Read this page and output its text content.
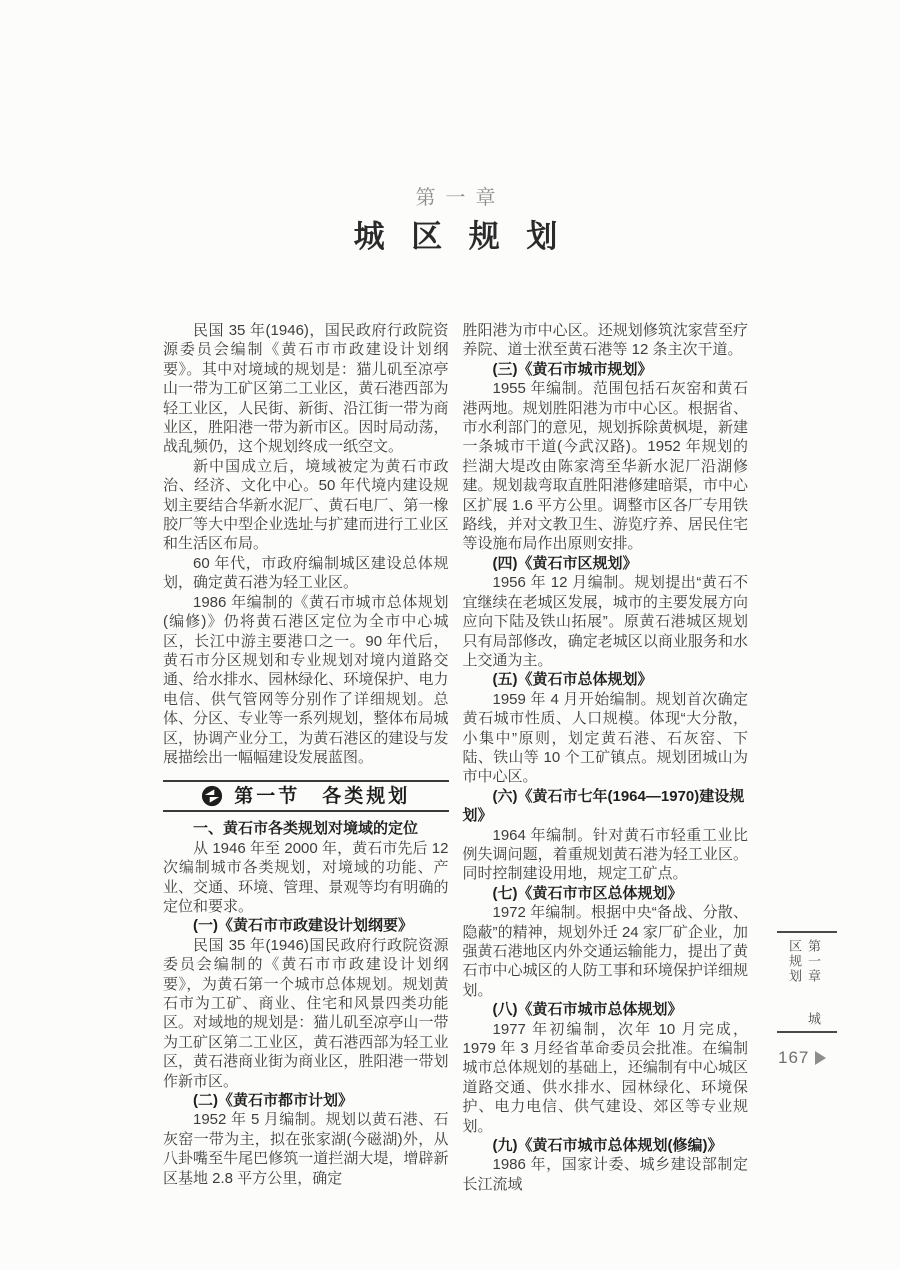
第一章
城 区 规 划

民国 35 年(1946)，国民政府行政院资源委员会编制《黄石市市政建设计划纲要》。其中对境域的规划是：猫儿矶至凉亭山一带为工矿区第二工业区，黄石港西部为轻工业区，人民街、新街、沿江街一带为商业区，胜阳港一带为新市区。因时局动荡，战乱频仍，这个规划终成一纸空文。

新中国成立后，境域被定为黄石市政治、经济、文化中心。50 年代境内建设规划主要结合华新水泥厂、黄石电厂、第一橡胶厂等大中型企业选址与扩建而进行工业区和生活区布局。

60 年代，市政府编制城区建设总体规划，确定黄石港为轻工业区。

1986 年编制的《黄石市城市总体规划(编修)》仍将黄石港区定位为全市中心城区，长江中游主要港口之一。90 年代后，黄石市分区规划和专业规划对境内道路交通、给水排水、园林绿化、环境保护、电力电信、供气管网等分别作了详细规划。总体、分区、专业等一系列规划，整体布局城区，协调产业分工，为黄石港区的建设与发展描绘出一幅幅建设发展蓝图。

第一节　各类规划

一、黄石市各类规划对境域的定位

从 1946 年至 2000 年，黄石市先后 12 次编制城市各类规划，对境域的功能、产业、交通、环境、管理、景观等均有明确的定位和要求。

(一)《黄石市市政建设计划纲要》

民国 35 年(1946)国民政府行政院资源委员会编制的《黄石市市政建设计划纲要》，为黄石第一个城市总体规划。规划黄石市为工矿、商业、住宅和风景四类功能区。对域地的规划是：猫儿矶至凉亭山一带为工矿区第二工业区，黄石港西部为轻工业区，黄石港商业街为商业区，胜阳港一带划作新市区。

(二)《黄石市都市计划》

1952 年 5 月编制。规划以黄石港、石灰窑一带为主，拟在张家湖(今磁湖)外，从八卦嘴至牛尾巴修筑一道拦湖大堤，增辟新区基地 2.8 平方公里，确定

胜阳港为市中心区。还规划修筑沈家营至疗养院、道士洑至黄石港等 12 条主次干道。

(三)《黄石市城市规划》

1955 年编制。范围包括石灰窑和黄石港两地。规划胜阳港为市中心区。根据省、市水利部门的意见，规划拆除黄枫堤，新建一条城市干道(今武汉路)。1952 年规划的拦湖大堤改由陈家湾至华新水泥厂沿湖修建。规划裁弯取直胜阳港修建暗渠，市中心区扩展 1.6 平方公里。调整市区各厂专用铁路线，并对文教卫生、游览疗养、居民住宅等设施布局作出原则安排。

(四)《黄石市区规划》

1956 年 12 月编制。规划提出“黄石不宜继续在老城区发展，城市的主要发展方向应向下陆及铁山拓展”。原黄石港城区规划只有局部修改，确定老城区以商业服务和水上交通为主。

(五)《黄石市总体规划》

1959 年 4 月开始编制。规划首次确定黄石城市性质、人口规模。体现“大分散，小集中”原则，划定黄石港、石灰窑、下陆、铁山等 10 个工矿镇点。规划团城山为市中心区。

(六)《黄石市七年(1964—1970)建设规划》

1964 年编制。针对黄石市轻重工业比例失调问题，着重规划黄石港为轻工业区。同时控制建设用地，规定工矿点。

(七)《黄石市市区总体规划》

1972 年编制。根据中央“备战、分散、隐蔽”的精神，规划外迁 24 家厂矿企业，加强黄石港地区内外交通运输能力，提出了黄石市中心城区的人防工事和环境保护详细规划。

(八)《黄石市城市总体规划》

1977 年初编制，次年 10 月完成，1979 年 3 月经省革命委员会批准。在编制城市总体规划的基础上，还编制有中心城区道路交通、供水排水、园林绿化、环境保护、电力电信、供气建设、郊区等专业规划。

(九)《黄石市城市总体规划(修编)》

1986 年，国家计委、城乡建设部制定长江流域

第一章 城区规划
167
